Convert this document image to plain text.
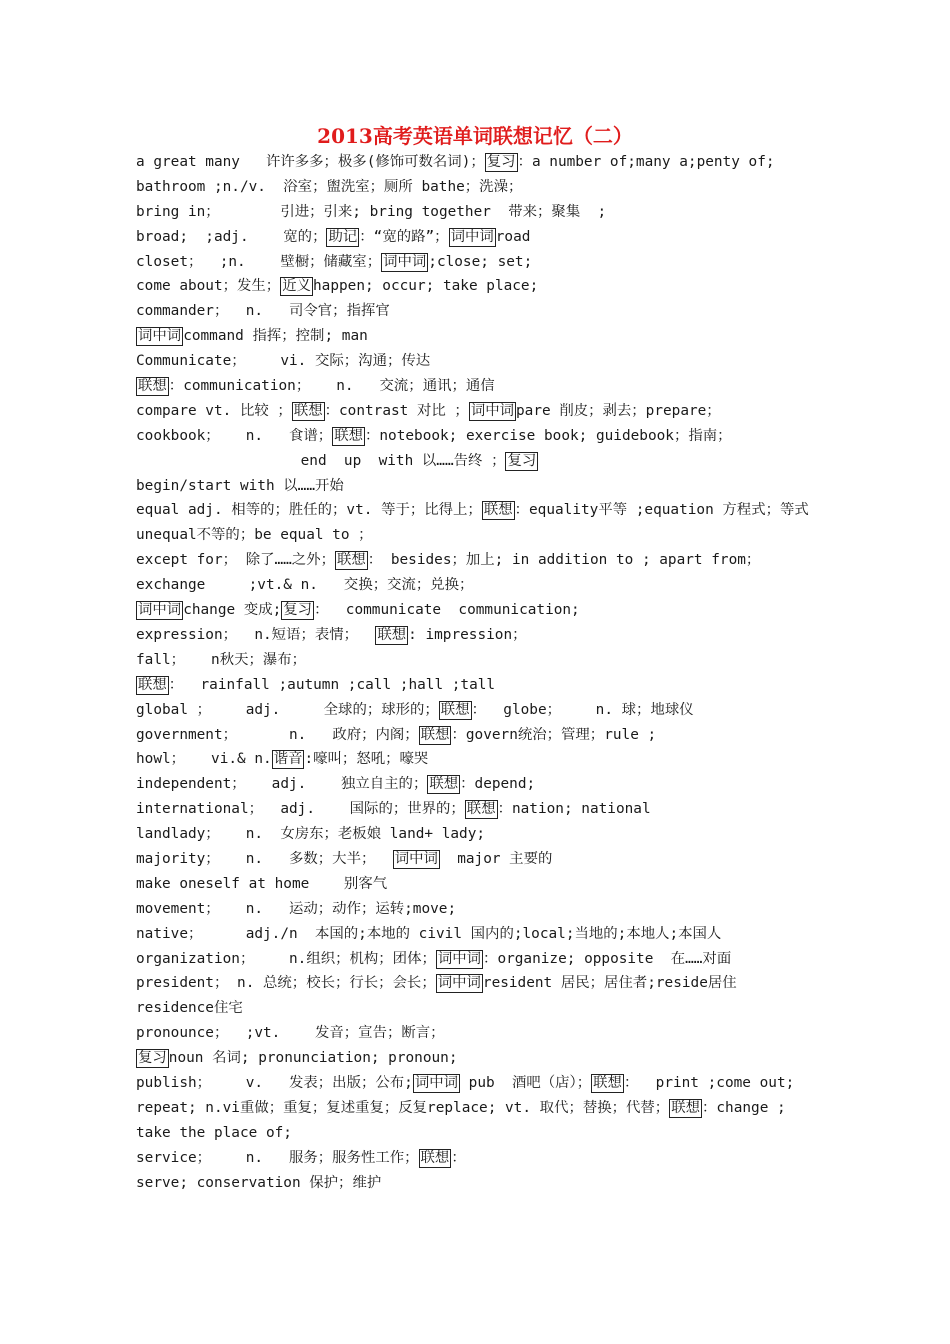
2013高考英语单词联想记忆（二）
a great many   许许多多；极多(修饰可数名词)； 复习 ：a number of;many a;penty of;
bathroom ;n./v.  浴室；盥洗室；厕所 bathe；洗澡；
bring in；       引进；引来; bring together  带来；聚集  ;
broad;  ;adj.    宽的； 助记 ：“宽的路”； 词中词 road
closet；  ;n.    壁橱；储藏室； 词中词 ;close; set;
come about；发生； 近义 happen; occur; take place;
commander；  n.   司令官；指挥官
词中词 command 指挥；控制; man
Communicate；    vi. 交际；沟通；传达
联想 ：communication；   n.   交流；通讯；通信
compare vt. 比较 ； 联想 ：contrast 对比 ； 词中词 pare 削皮；剥去；prepare；
cookbook；   n.   食谱； 联想 ：notebook; exercise book; guidebook；指南；
end  up  with 以……告终 ； 复习
begin/start with 以……开始
equal adj. 相等的；胜任的；vt. 等于；比得上； 联想 ：equality平等 ;equation 方程式；等式unequal不等的；be equal to ；
except for； 除了……之外； 联想 ： besides；加上; in addition to ; apart from；
exchange     ;vt.& n.   交换；交流；兑换；
词中词 change 变成; 复习 ：  communicate  communication;
expression；  n.短语；表情；  联想 : impression；
fall；   n秋天；瀑布；
联想 ：  rainfall ;autumn ;call ;hall ;tall
global ；    adj.     全球的；球形的； 联想 ：  globe；    n. 球；地球仪
government；      n.   政府；内阁； 联想 ：govern统治；管理；rule ;
howl；   vi.& n. 谐音 :嚎叫；怒吼；嚎哭
independent；   adj.    独立自主的； 联想 ：depend;
international；  adj.    国际的；世界的； 联想 ：nation; national
landlady；   n.  女房东；老板娘 land+ lady;
majority；   n.   多数；大半；  词中词  major 主要的
make oneself at home    别客气
movement；   n.   运动；动作；运转;move;
native；     adj./n  本国的;本地的 civil 国内的;local;当地的;本地人;本国人
organization；    n.组织；机构；团体； 词中词 ：organize; opposite  在……对面
president； n. 总统；校长；行长；会长； 词中词 resident 居民；居住者;reside居住 residence住宅
pronounce；  ;vt.    发音；宣告；断言；
复习 noun 名词; pronunciation; pronoun;
publish；    v.   发表；出版；公布; 词中词 pub  酒吧（店）； 联想 ：  print ;come out;
repeat; n.vi重做；重复；复述重复；反复replace; vt. 取代；替换；代替； 联想 ：change ; take the place of;
service；    n.   服务；服务性工作； 联想 ：
serve; conservation 保护；维护
